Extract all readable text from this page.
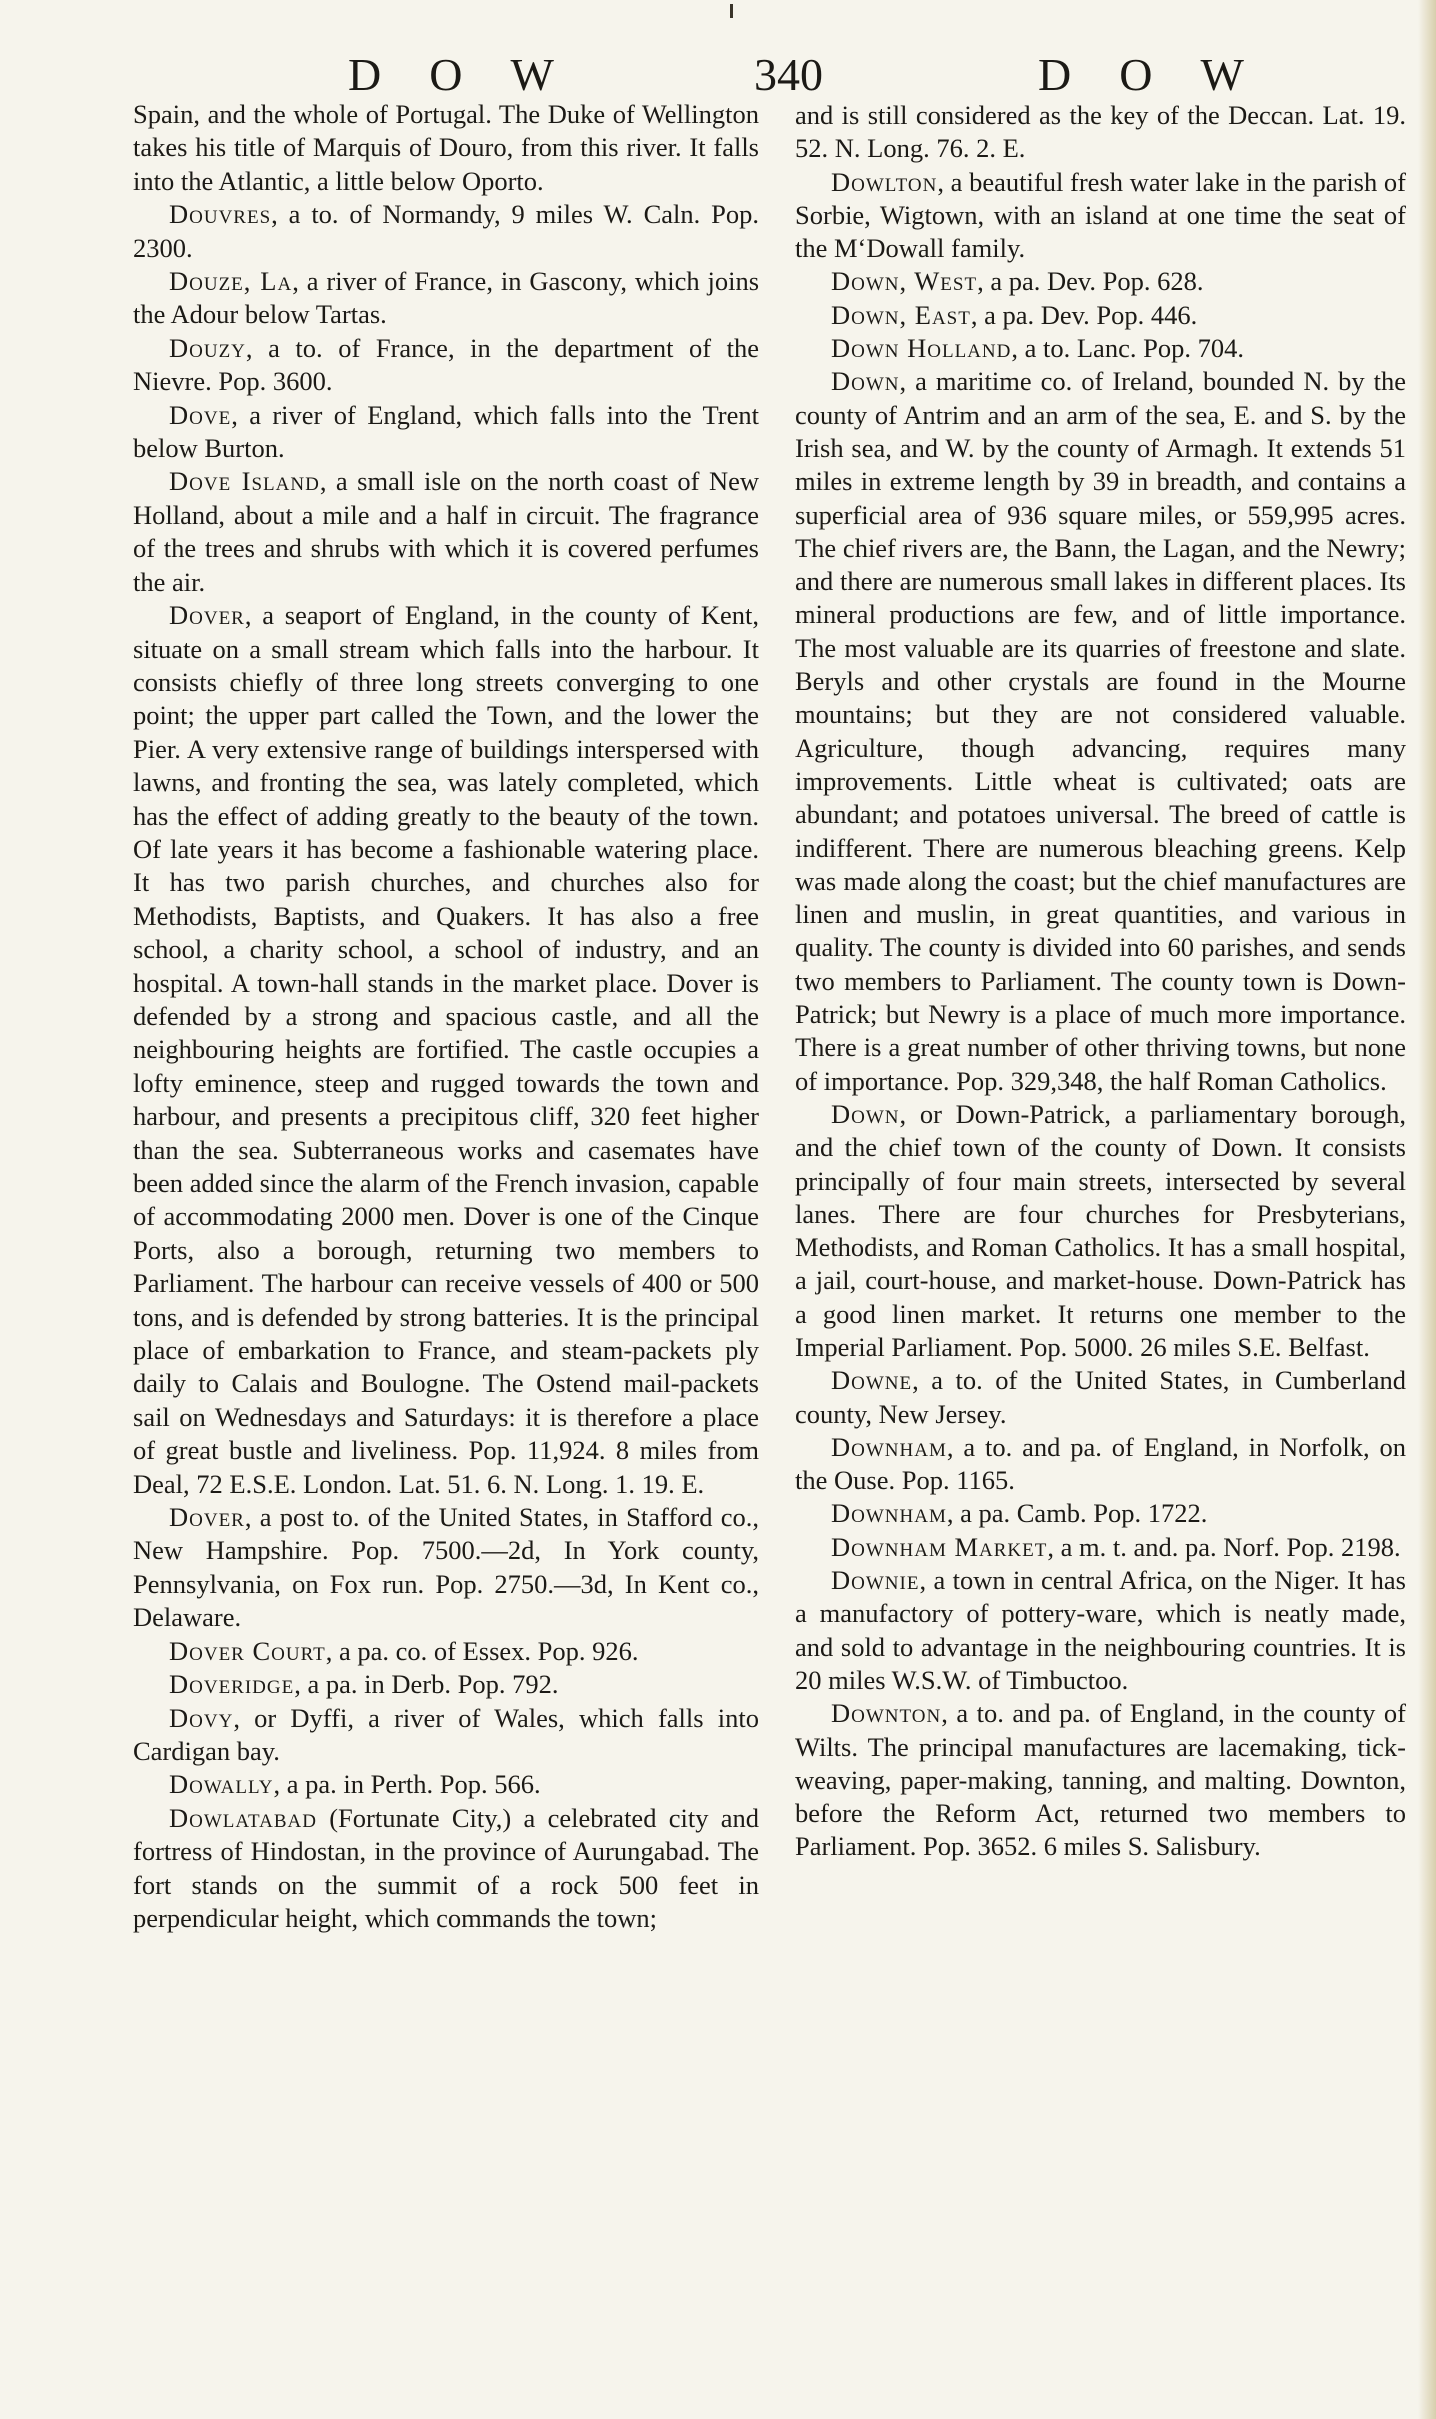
DOW	340	DOW

Spain, and the whole of Portugal. The Duke of Wellington takes his title of Marquis of Douro, from this river. It falls into the Atlantic, a little below Oporto.

Douvres, a to. of Normandy, 9 miles W. Caln. Pop. 2300.

Douze, La, a river of France, in Gascony, which joins the Adour below Tartas.

Douzy, a to. of France, in the department of the Nievre. Pop. 3600.

Dove, a river of England, which falls into the Trent below Burton.

Dove Island, a small isle on the north coast of New Holland, about a mile and a half in circuit. The fragrance of the trees and shrubs with which it is covered perfumes the air.

Dover, a seaport of England, in the county of Kent, situate on a small stream which falls into the harbour. It consists chiefly of three long streets converging to one point; the upper part called the Town, and the lower the Pier. A very extensive range of buildings interspersed with lawns, and fronting the sea, was lately completed, which has the effect of adding greatly to the beauty of the town. Of late years it has become a fashionable watering place. It has two parish churches, and churches also for Methodists, Baptists, and Quakers. It has also a free school, a charity school, a school of industry, and an hospital. A town-hall stands in the market place. Dover is defended by a strong and spacious castle, and all the neighbouring heights are fortified. The castle occupies a lofty eminence, steep and rugged towards the town and harbour, and presents a precipitous cliff, 320 feet higher than the sea. Subterraneous works and casemates have been added since the alarm of the French invasion, capable of accommodating 2000 men. Dover is one of the Cinque Ports, also a borough, returning two members to Parliament. The harbour can receive vessels of 400 or 500 tons, and is defended by strong batteries. It is the principal place of embarkation to France, and steam-packets ply daily to Calais and Boulogne. The Ostend mail-packets sail on Wednesdays and Saturdays: it is therefore a place of great bustle and liveliness. Pop. 11,924. 8 miles from Deal, 72 E.S.E. London. Lat. 51. 6. N. Long. 1. 19. E.

Dover, a post to. of the United States, in Stafford co., New Hampshire. Pop. 7500.—2d, In York county, Pennsylvania, on Fox run. Pop. 2750.—3d, In Kent co., Delaware.

Dover Court, a pa. co. of Essex. Pop. 926.

Doveridge, a pa. in Derb. Pop. 792.

Dovy, or Dyffi, a river of Wales, which falls into Cardigan bay.

Dowally, a pa. in Perth. Pop. 566.

Dowlatabad (Fortunate City,) a celebrated city and fortress of Hindostan, in the province of Aurungabad. The fort stands on the summit of a rock 500 feet in perpendicular height, which commands the town;

and is still considered as the key of the Deccan. Lat. 19. 52. N. Long. 76. 2. E.

Dowlton, a beautiful fresh water lake in the parish of Sorbie, Wigtown, with an island at one time the seat of the M‘Dowall family.

Down, West, a pa. Dev. Pop. 628.

Down, East, a pa. Dev. Pop. 446.

Down Holland, a to. Lanc. Pop. 704.

Down, a maritime co. of Ireland, bounded N. by the county of Antrim and an arm of the sea, E. and S. by the Irish sea, and W. by the county of Armagh. It extends 51 miles in extreme length by 39 in breadth, and contains a superficial area of 936 square miles, or 559,995 acres. The chief rivers are, the Bann, the Lagan, and the Newry; and there are numerous small lakes in different places. Its mineral productions are few, and of little importance. The most valuable are its quarries of freestone and slate. Beryls and other crystals are found in the Mourne mountains; but they are not considered valuable. Agriculture, though advancing, requires many improvements. Little wheat is cultivated; oats are abundant; and potatoes universal. The breed of cattle is indifferent. There are numerous bleaching greens. Kelp was made along the coast; but the chief manufactures are linen and muslin, in great quantities, and various in quality. The county is divided into 60 parishes, and sends two members to Parliament. The county town is Down-Patrick; but Newry is a place of much more importance. There is a great number of other thriving towns, but none of importance. Pop. 329,348, the half Roman Catholics.

Down, or Down-Patrick, a parliamentary borough, and the chief town of the county of Down. It consists principally of four main streets, intersected by several lanes. There are four churches for Presbyterians, Methodists, and Roman Catholics. It has a small hospital, a jail, court-house, and market-house. Down-Patrick has a good linen market. It returns one member to the Imperial Parliament. Pop. 5000. 26 miles S.E. Belfast.

Downe, a to. of the United States, in Cumberland county, New Jersey.

Downham, a to. and pa. of England, in Norfolk, on the Ouse. Pop. 1165.

Downham, a pa. Camb. Pop. 1722.

Downham Market, a m. t. and. pa. Norf. Pop. 2198.

Downie, a town in central Africa, on the Niger. It has a manufactory of pottery-ware, which is neatly made, and sold to advantage in the neighbouring countries. It is 20 miles W.S.W. of Timbuctoo.

Downton, a to. and pa. of England, in the county of Wilts. The principal manufactures are lacemaking, tick-weaving, paper-making, tanning, and malting. Downton, before the Reform Act, returned two members to Parliament. Pop. 3652. 6 miles S. Salisbury.
